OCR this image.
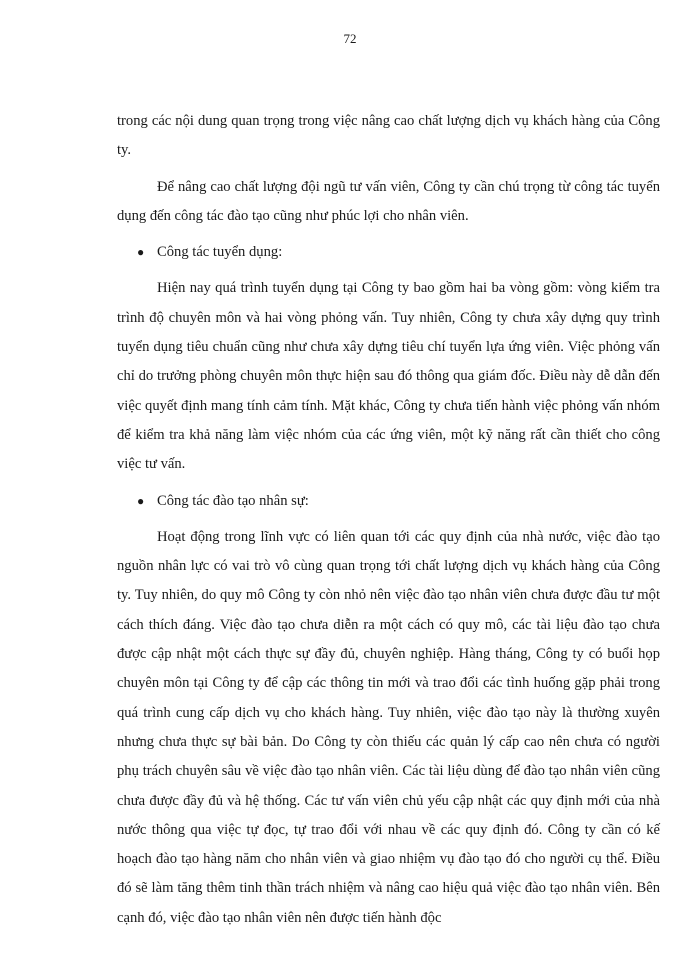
72

trong các nội dung quan trọng trong việc nâng cao chất lượng dịch vụ khách hàng của Công ty.

Để nâng cao chất lượng đội ngũ tư vấn viên, Công ty cần chú trọng từ công tác tuyển dụng đến công tác đào tạo cũng như phúc lợi cho nhân viên.

● Công tác tuyển dụng:

Hiện nay quá trình tuyển dụng tại Công ty bao gồm hai ba vòng gồm: vòng kiểm tra trình độ chuyên môn và hai vòng phỏng vấn. Tuy nhiên, Công ty chưa xây dựng quy trình tuyển dụng tiêu chuẩn cũng như chưa xây dựng tiêu chí tuyển lựa ứng viên. Việc phỏng vấn chỉ do trưởng phòng chuyên môn thực hiện sau đó thông qua giám đốc. Điều này dễ dẫn đến việc quyết định mang tính cảm tính. Mặt khác, Công ty chưa tiến hành việc phỏng vấn nhóm để kiểm tra khả năng làm việc nhóm của các ứng viên, một kỹ năng rất cần thiết cho công việc tư vấn.

● Công tác đào tạo nhân sự:

Hoạt động trong lĩnh vực có liên quan tới các quy định của nhà nước, việc đào tạo nguồn nhân lực có vai trò vô cùng quan trọng tới chất lượng dịch vụ khách hàng của Công ty. Tuy nhiên, do quy mô Công ty còn nhỏ nên việc đào tạo nhân viên chưa được đầu tư một cách thích đáng. Việc đào tạo chưa diễn ra một cách có quy mô, các tài liệu đào tạo chưa được cập nhật một cách thực sự đầy đủ, chuyên nghiệp. Hàng tháng, Công ty có buổi họp chuyên môn tại Công ty để cập các thông tin mới và trao đổi các tình huống gặp phải trong quá trình cung cấp dịch vụ cho khách hàng. Tuy nhiên, việc đào tạo này là thường xuyên nhưng chưa thực sự bài bản. Do Công ty còn thiếu các quản lý cấp cao nên chưa có người phụ trách chuyên sâu về việc đào tạo nhân viên. Các tài liệu dùng để đào tạo nhân viên cũng chưa được đầy đủ và hệ thống. Các tư vấn viên chủ yếu cập nhật các quy định mới của nhà nước thông qua việc tự đọc, tự trao đổi với nhau về các quy định đó. Công ty cần có kế hoạch đào tạo hàng năm cho nhân viên và giao nhiệm vụ đào tạo đó cho người cụ thể. Điều đó sẽ làm tăng thêm tinh thần trách nhiệm và nâng cao hiệu quả việc đào tạo nhân viên. Bên cạnh đó, việc đào tạo nhân viên nên được tiến hành độc
